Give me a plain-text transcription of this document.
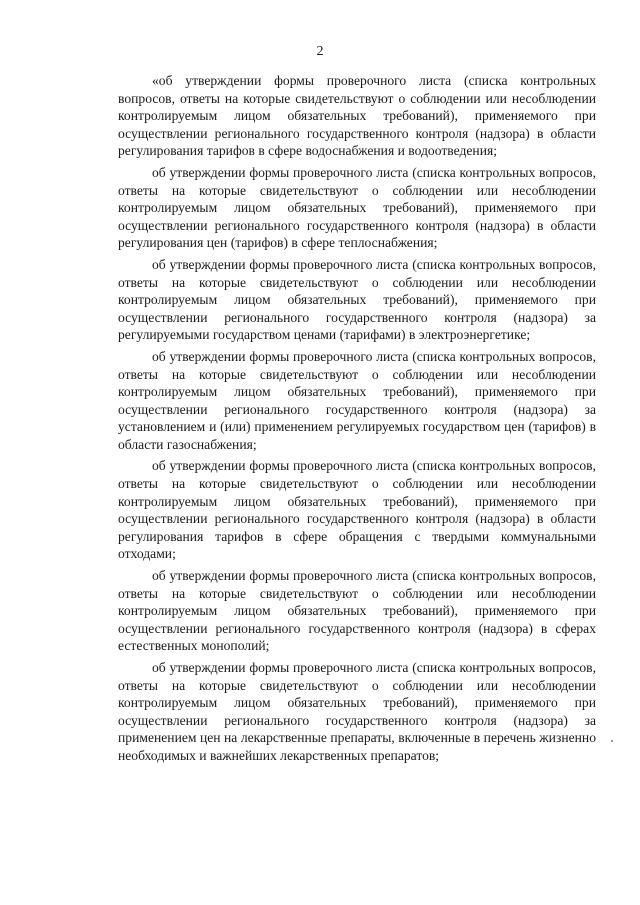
2

«об утверждении формы проверочного листа (списка контрольных вопросов, ответы на которые свидетельствуют о соблюдении или несоблюдении контролируемым лицом обязательных требований), применяемого при осуществлении регионального государственного контроля (надзора) в области регулирования тарифов в сфере водоснабжения и водоотведения;

об утверждении формы проверочного листа (списка контрольных вопросов, ответы на которые свидетельствуют о соблюдении или несоблюдении контролируемым лицом обязательных требований), применяемого при осуществлении регионального государственного контроля (надзора) в области регулирования цен (тарифов) в сфере теплоснабжения;

об утверждении формы проверочного листа (списка контрольных вопросов, ответы на которые свидетельствуют о соблюдении или несоблюдении контролируемым лицом обязательных требований), применяемого при осуществлении регионального государственного контроля (надзора) за регулируемыми государством ценами (тарифами) в электроэнергетике;

об утверждении формы проверочного листа (списка контрольных вопросов, ответы на которые свидетельствуют о соблюдении или несоблюдении контролируемым лицом обязательных требований), применяемого при осуществлении регионального государственного контроля (надзора) за установлением и (или) применением регулируемых государством цен (тарифов) в области газоснабжения;

об утверждении формы проверочного листа (списка контрольных вопросов, ответы на которые свидетельствуют о соблюдении или несоблюдении контролируемым лицом обязательных требований), применяемого при осуществлении регионального государственного контроля (надзора) в области регулирования тарифов в сфере обращения с твердыми коммунальными отходами;

об утверждении формы проверочного листа (списка контрольных вопросов, ответы на которые свидетельствуют о соблюдении или несоблюдении контролируемым лицом обязательных требований), применяемого при осуществлении регионального государственного контроля (надзора) в сферах естественных монополий;

об утверждении формы проверочного листа (списка контрольных вопросов, ответы на которые свидетельствуют о соблюдении или несоблюдении контролируемым лицом обязательных требований), применяемого при осуществлении регионального государственного контроля (надзора) за применением цен на лекарственные препараты, включенные в перечень жизненно необходимых и важнейших лекарственных препаратов;
